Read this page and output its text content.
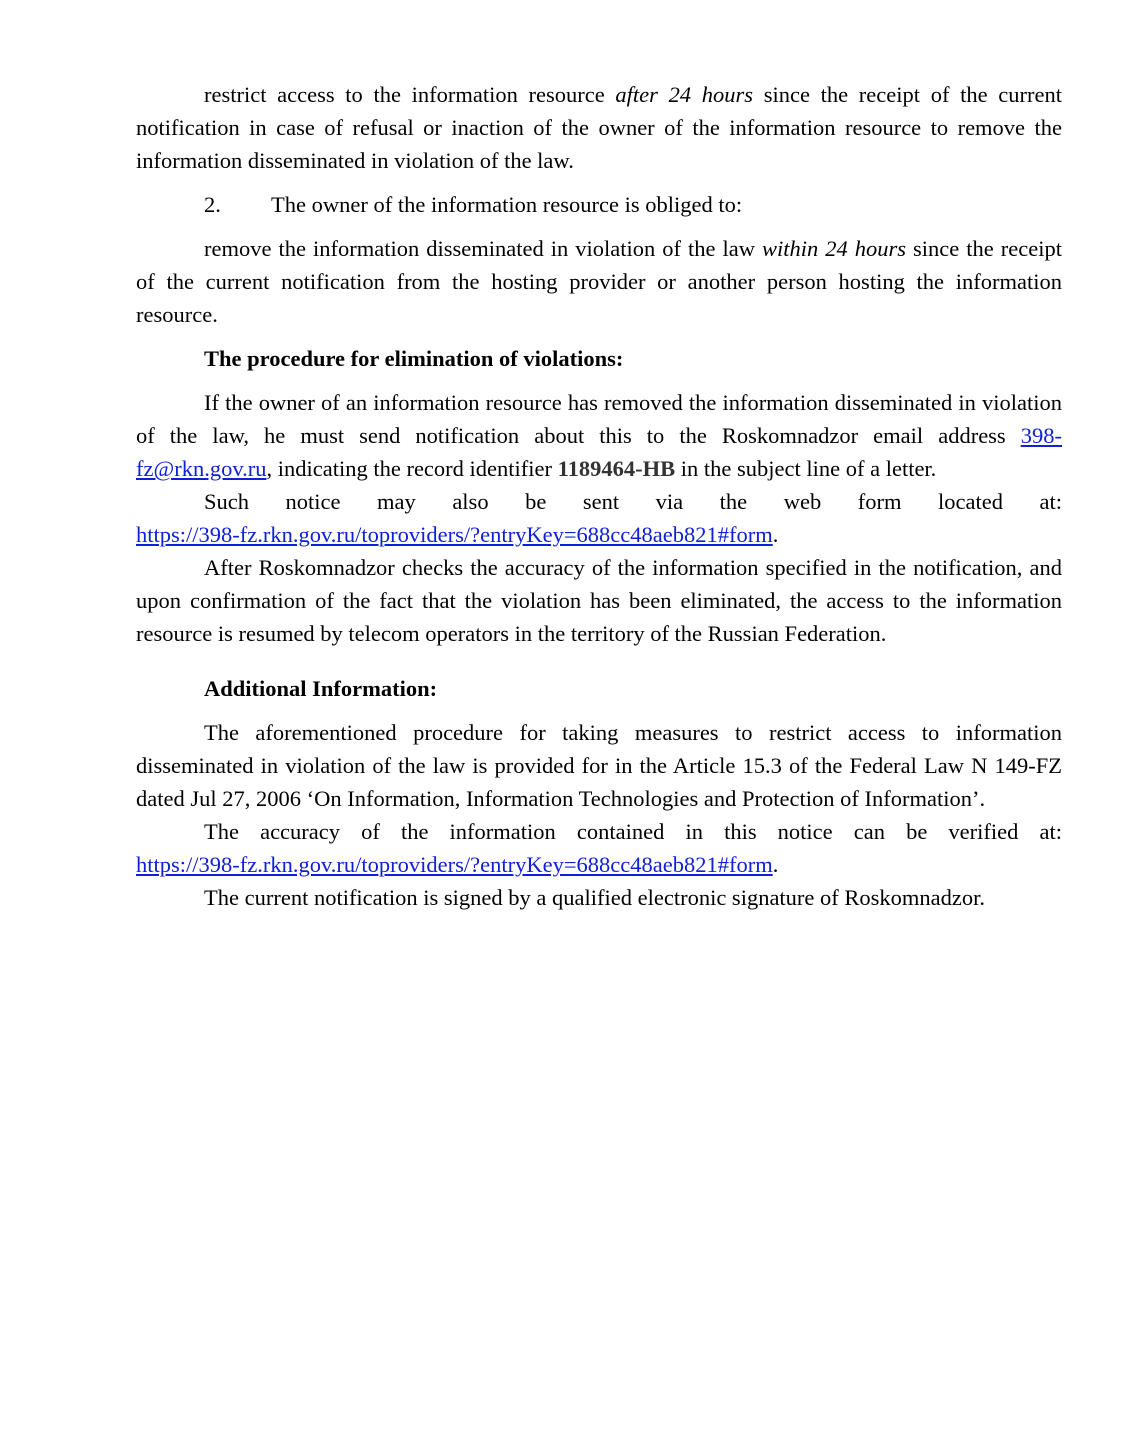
restrict access to the information resource after 24 hours since the receipt of the current notification in case of refusal or inaction of the owner of the information resource to remove the information disseminated in violation of the law.

2. The owner of the information resource is obliged to:

remove the information disseminated in violation of the law within 24 hours since the receipt of the current notification from the hosting provider or another person hosting the information resource.

The procedure for elimination of violations:

If the owner of an information resource has removed the information disseminated in violation of the law, he must send notification about this to the Roskomnadzor email address 398-fz@rkn.gov.ru, indicating the record identifier 1189464-HB in the subject line of a letter.

Such notice may also be sent via the web form located at:

https://398-fz.rkn.gov.ru/toproviders/?entryKey=688cc48aeb821#form.

After Roskomnadzor checks the accuracy of the information specified in the notification, and upon confirmation of the fact that the violation has been eliminated, the access to the information resource is resumed by telecom operators in the territory of the Russian Federation.

Additional Information:

The aforementioned procedure for taking measures to restrict access to information disseminated in violation of the law is provided for in the Article 15.3 of the Federal Law N 149-FZ dated Jul 27, 2006 ‘On Information, Information Technologies and Protection of Information’.

The accuracy of the information contained in this notice can be verified at:

https://398-fz.rkn.gov.ru/toproviders/?entryKey=688cc48aeb821#form.

The current notification is signed by a qualified electronic signature of Roskomnadzor.
